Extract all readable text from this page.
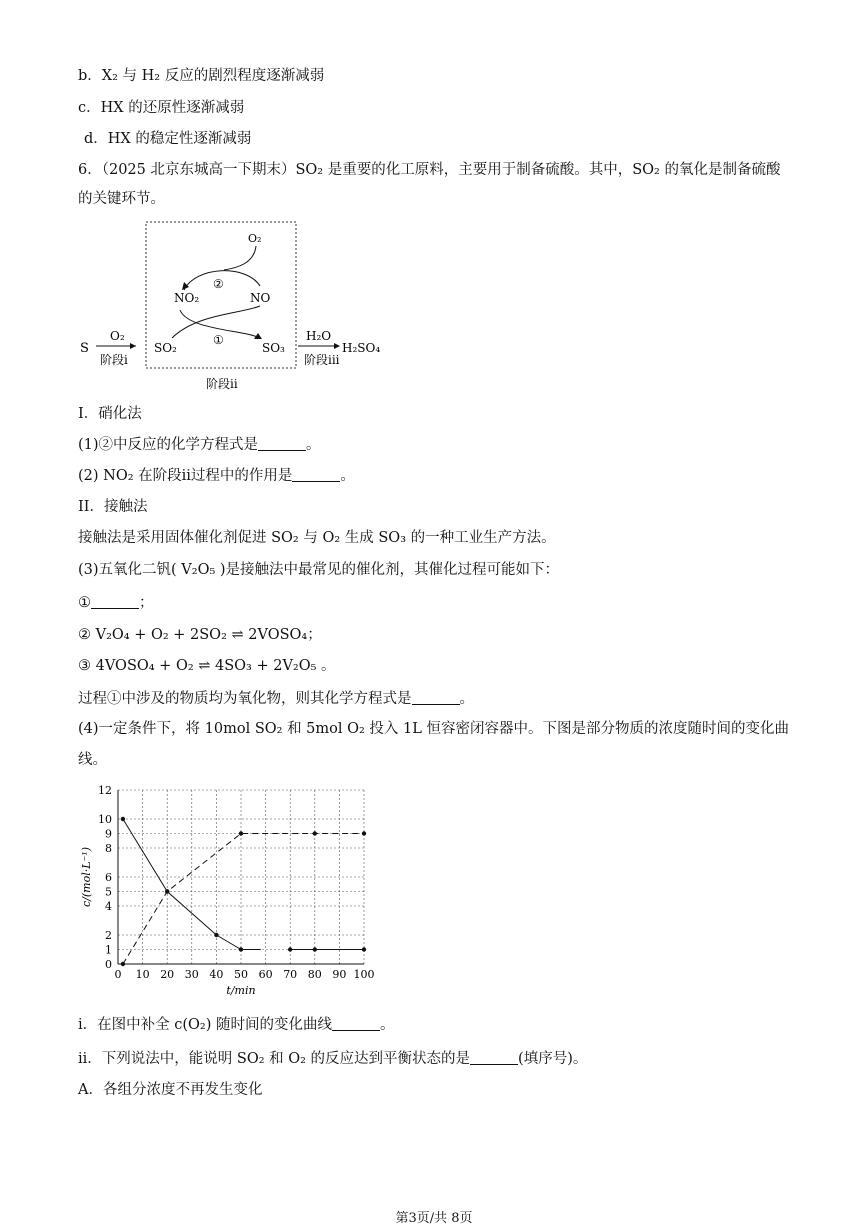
b．X₂ 与 H₂ 反应的剧烈程度逐渐减弱
c．HX 的还原性逐渐减弱
d．HX 的稳定性逐渐减弱
6．（2025 北京东城高一下期末）SO₂ 是重要的化工原料，主要用于制备硫酸。其中，SO₂ 的氧化是制备硫酸
的关键环节。
S
O₂
阶段i
SO₂	SO₃
NO₂	NO
O₂
②
①	H₂O
阶段iii
H₂SO₄
阶段ii
I．硝化法
(1)②中反应的化学方程式是	。
(2) NO₂ 在阶段ii过程中的作用是	。
II．接触法
接触法是采用固体催化剂促进 SO₂ 与 O₂ 生成 SO₃ 的一种工业生产方法。
(3)五氧化二钒( V₂O₅ )是接触法中最常见的催化剂，其催化过程可能如下：
①	；
② V₂O₄ + O₂ + 2SO₂ ⇌ 2VOSO₄；
③ 4VOSO₄ + O₂ ⇌ 4SO₃ + 2V₂O₅ 。
过程①中涉及的物质均为氧化物，则其化学方程式是	。
(4)一定条件下，将 10mol SO₂ 和 5mol O₂ 投入 1L 恒容密闭容器中。下图是部分物质的浓度随时间的变化曲
线。
0 10 20 30 40 50 60 70 80 90 100
1
2
4
5
6
8
9
10
12
0
t/min
c/(mol·L⁻¹)
i．在图中补全 c(O₂) 随时间的变化曲线	。
ii．下列说法中，能说明 SO₂ 和 O₂ 的反应达到平衡状态的是	(填序号)。
A．各组分浓度不再发生变化
第3页/共 8页
